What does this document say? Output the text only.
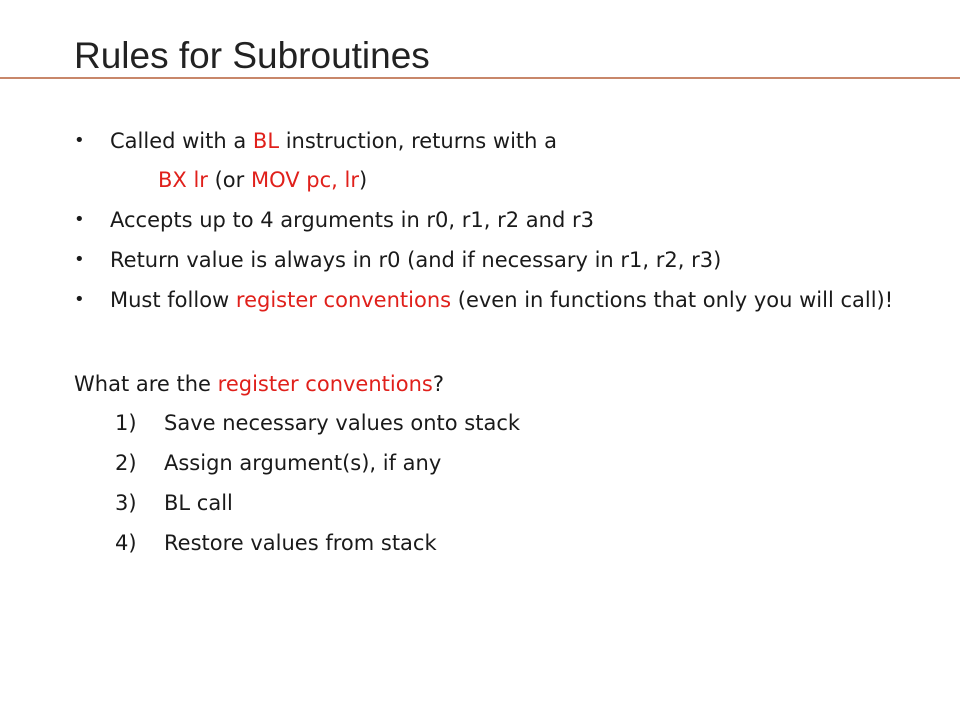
Rules for Subroutines
• Called with a BL instruction, returns with a
BX lr (or MOV pc, lr)
• Accepts up to 4 arguments in r0, r1, r2 and r3
• Return value is always in r0 (and if necessary in r1, r2, r3)
• Must follow register conventions (even in functions that only you will call)!

What are the register conventions?

1)	Save necessary values onto stack
2)	Assign argument(s), if any
3)	BL call
4)	Restore values from stack
